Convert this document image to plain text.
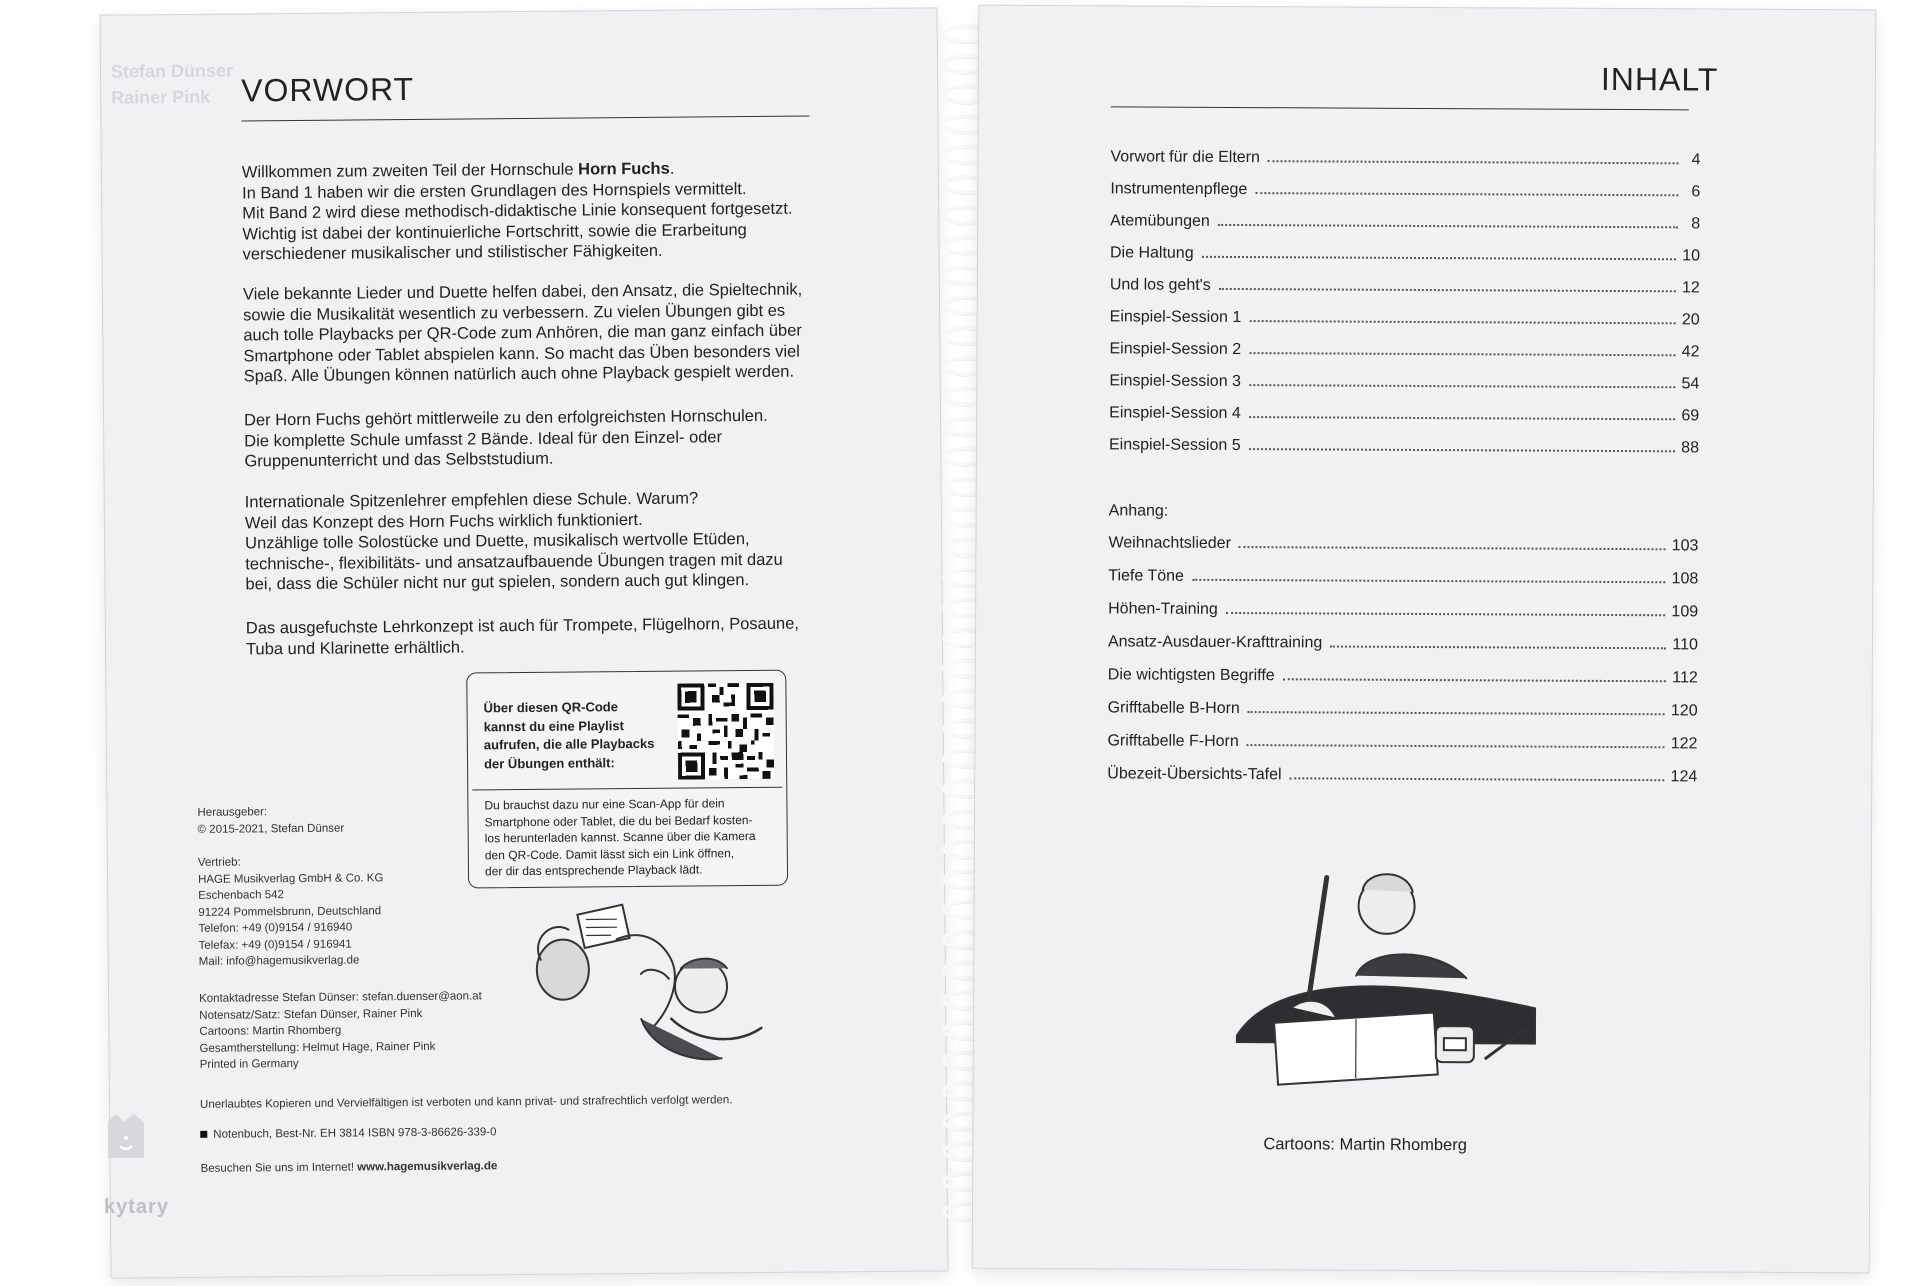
Stefan Dünser
Rainer Pink VORWORT
Willkommen zum zweiten Teil der Hornschule Horn Fuchs.
In Band 1 haben wir die ersten Grundlagen des Hornspiels vermittelt.
Mit Band 2 wird diese methodisch-didaktische Linie konsequent fortgesetzt.
Wichtig ist dabei der kontinuierliche Fortschritt, sowie die Erarbeitung
verschiedener musikalischer und stilistischer Fähigkeiten.
Viele bekannte Lieder und Duette helfen dabei, den Ansatz, die Spieltechnik,
sowie die Musikalität wesentlich zu verbessern. Zu vielen Übungen gibt es
auch tolle Playbacks per QR-Code zum Anhören, die man ganz einfach über
Smartphone oder Tablet abspielen kann. So macht das Üben besonders viel
Spaß. Alle Übungen können natürlich auch ohne Playback gespielt werden.
Der Horn Fuchs gehört mittlerweile zu den erfolgreichsten Hornschulen.
Die komplette Schule umfasst 2 Bände. Ideal für den Einzel- oder
Gruppenunterricht und das Selbststudium.
Internationale Spitzenlehrer empfehlen diese Schule. Warum?
Weil das Konzept des Horn Fuchs wirklich funktioniert.
Unzählige tolle Solostücke und Duette, musikalisch wertvolle Etüden,
technische-, flexibilitäts- und ansatzaufbauende Übungen tragen mit dazu
bei, dass die Schüler nicht nur gut spielen, sondern auch gut klingen.
Das ausgefuchste Lehrkonzept ist auch für Trompete, Flügelhorn, Posaune,
Tuba und Klarinette erhältlich.
Über diesen QR-Code
kannst du eine Playlist
aufrufen, die alle Playbacks
der Übungen enthält:
Du brauchst dazu nur eine Scan-App für dein
Smartphone oder Tablet, die du bei Bedarf kosten-
los herunterladen kannst. Scanne über die Kamera
den QR-Code. Damit lässt sich ein Link öffnen,
der dir das entsprechende Playback lädt.
Herausgeber:
© 2015-2021, Stefan Dünser
Vertrieb:
HAGE Musikverlag GmbH & Co. KG
Eschenbach 542
91224 Pommelsbrunn, Deutschland
Telefon: +49 (0)9154 / 916940
Telefax: +49 (0)9154 / 916941
Mail: info@hagemusikverlag.de
Kontaktadresse Stefan Dünser: stefan.duenser@aon.at
Notensatz/Satz: Stefan Dünser, Rainer Pink
Cartoons: Martin Rhomberg
Gesamtherstellung: Helmut Hage, Rainer Pink
Printed in Germany
Unerlaubtes Kopieren und Vervielfältigen ist verboten und kann privat- und strafrechtlich verfolgt werden.
Notenbuch, Best-Nr. EH 3814 ISBN 978-3-86626-339-0
Besuchen Sie uns im Internet! www.hagemusikverlag.de
kytary
INHALT
Vorwort für die Eltern	4
Instrumentenpflege	6
Atemübungen	8
Die Haltung	10
Und los geht's	12
Einspiel-Session 1	20
Einspiel-Session 2	42
Einspiel-Session 3	54
Einspiel-Session 4	69
Einspiel-Session 5	88
Anhang:
Weihnachtslieder	103
Tiefe Töne	108
Höhen-Training	109
Ansatz-Ausdauer-Krafttraining	110
Die wichtigsten Begriffe	112
Grifftabelle B-Horn	120
Grifftabelle F-Horn	122
Übezeit-Übersichts-Tafel	124
Cartoons: Martin Rhomberg
